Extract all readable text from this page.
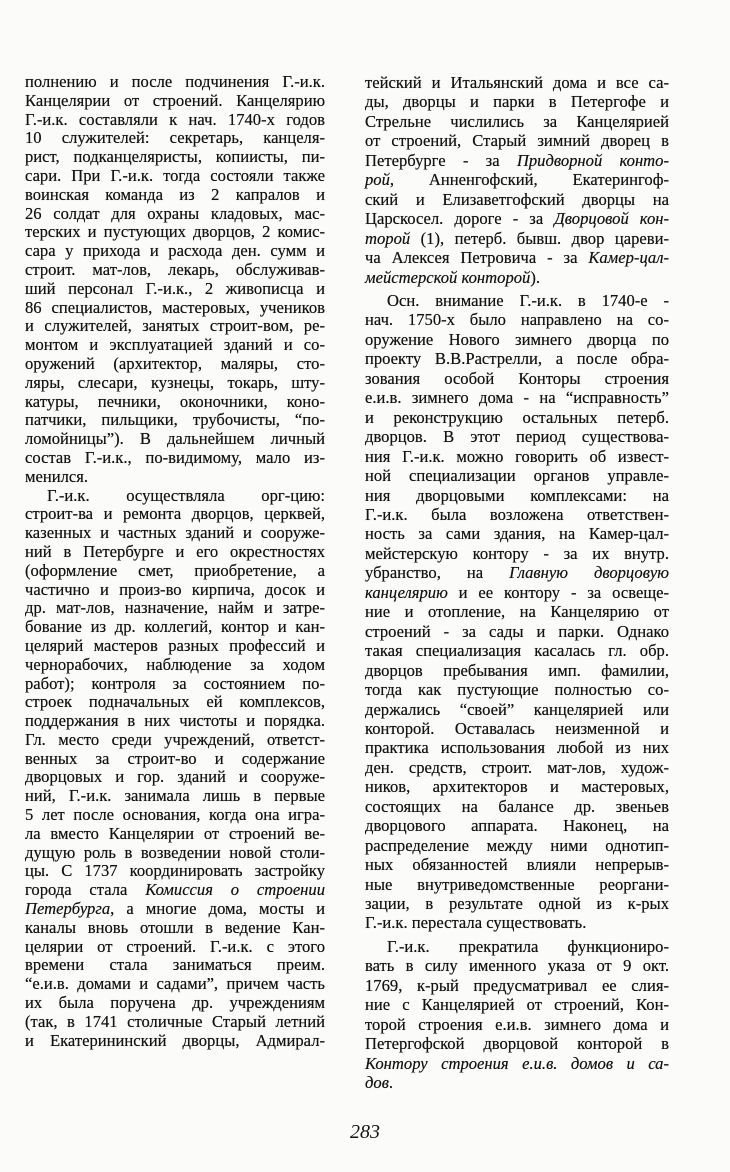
полнению и после подчинения Г.-и.к.
Канцелярии от строений. Канцелярию
Г.-и.к. составляли к нач. 1740-х годов
10 служителей: секретарь, канцеля-
рист, подканцеляристы, копиисты, пи-
сари. При Г.-и.к. тогда состояли также
воинская команда из 2 капралов и
26 солдат для охраны кладовых, мас-
терских и пустующих дворцов, 2 комис-
сара у прихода и расхода ден. сумм и
строит. мат-лов, лекарь, обслуживав-
ший персонал Г.-и.к., 2 живописца и
86 специалистов, мастеровых, учеников
и служителей, занятых строит-вом, ре-
монтом и эксплуатацией зданий и со-
оружений (архитектор, маляры, сто-
ляры, слесари, кузнецы, токарь, шту-
катуры, печники, оконочники, коно-
патчики, пильщики, трубочисты, “по-
ломойницы”). В дальнейшем личный
состав Г.-и.к., по-видимому, мало из-
менился.
Г.-и.к. осуществляла орг-цию:
строит-ва и ремонта дворцов, церквей,
казенных и частных зданий и сооруже-
ний в Петербурге и его окрестностях
(оформление смет, приобретение, а
частично и произ-во кирпича, досок и
др. мат-лов, назначение, найм и затре-
бование из др. коллегий, контор и кан-
целярий мастеров разных профессий и
чернорабочих, наблюдение за ходом
работ); контроля за состоянием по-
строек подначальных ей комплексов,
поддержания в них чистоты и порядка.
Гл. место среди учреждений, ответст-
венных за строит-во и содержание
дворцовых и гор. зданий и сооруже-
ний, Г.-и.к. занимала лишь в первые
5 лет после основания, когда она игра-
ла вместо Канцелярии от строений ве-
дущую роль в возведении новой столи-
цы. С 1737 координировать застройку
города стала Комиссия о строении
Петербурга, а многие дома, мосты и
каналы вновь отошли в ведение Кан-
целярии от строений. Г.-и.к. с этого
времени стала заниматься преим.
“е.и.в. домами и садами”, причем часть
их была поручена др. учреждениям
(так, в 1741 столичные Старый летний
и Екатерининский дворцы, Адмирал-
тейский и Итальянский дома и все са-
ды, дворцы и парки в Петергофе и
Стрельне числились за Канцелярией
от строений, Старый зимний дворец в
Петербурге - за Придворной конто-
рой, Анненгофский, Екатерингоф-
ский и Елизаветгофский дворцы на
Царскосел. дороге - за Дворцовой кон-
торой (1), петерб. бывш. двор цареви-
ча Алексея Петровича - за Камер-цал-
мейстерской конторой).
Осн. внимание Г.-и.к. в 1740-е -
нач. 1750-х было направлено на со-
оружение Нового зимнего дворца по
проекту В.В.Растрелли, а после обра-
зования особой Конторы строения
е.и.в. зимнего дома - на “исправность”
и реконструкцию остальных петерб.
дворцов. В этот период существова-
ния Г.-и.к. можно говорить об извест-
ной специализации органов управле-
ния дворцовыми комплексами: на
Г.-и.к. была возложена ответствен-
ность за сами здания, на Камер-цал-
мейстерскую контору - за их внутр.
убранство, на Главную дворцовую
канцелярию и ее контору - за освеще-
ние и отопление, на Канцелярию от
строений - за сады и парки. Однако
такая специализация касалась гл. обр.
дворцов пребывания имп. фамилии,
тогда как пустующие полностью со-
держались “своей” канцелярией или
конторой. Оставалась неизменной и
практика использования любой из них
ден. средств, строит. мат-лов, худож-
ников, архитекторов и мастеровых,
состоящих на балансе др. звеньев
дворцового аппарата. Наконец, на
распределение между ними однотип-
ных обязанностей влияли непрерыв-
ные внутриведомственные реоргани-
зации, в результате одной из к-рых
Г.-и.к. перестала существовать.
Г.-и.к. прекратила функциониро-
вать в силу именного указа от 9 окт.
1769, к-рый предусматривал ее слия-
ние с Канцелярией от строений, Кон-
торой строения е.и.в. зимнего дома и
Петергофской дворцовой конторой в
Контору строения е.и.в. домов и са-
дов.
283
